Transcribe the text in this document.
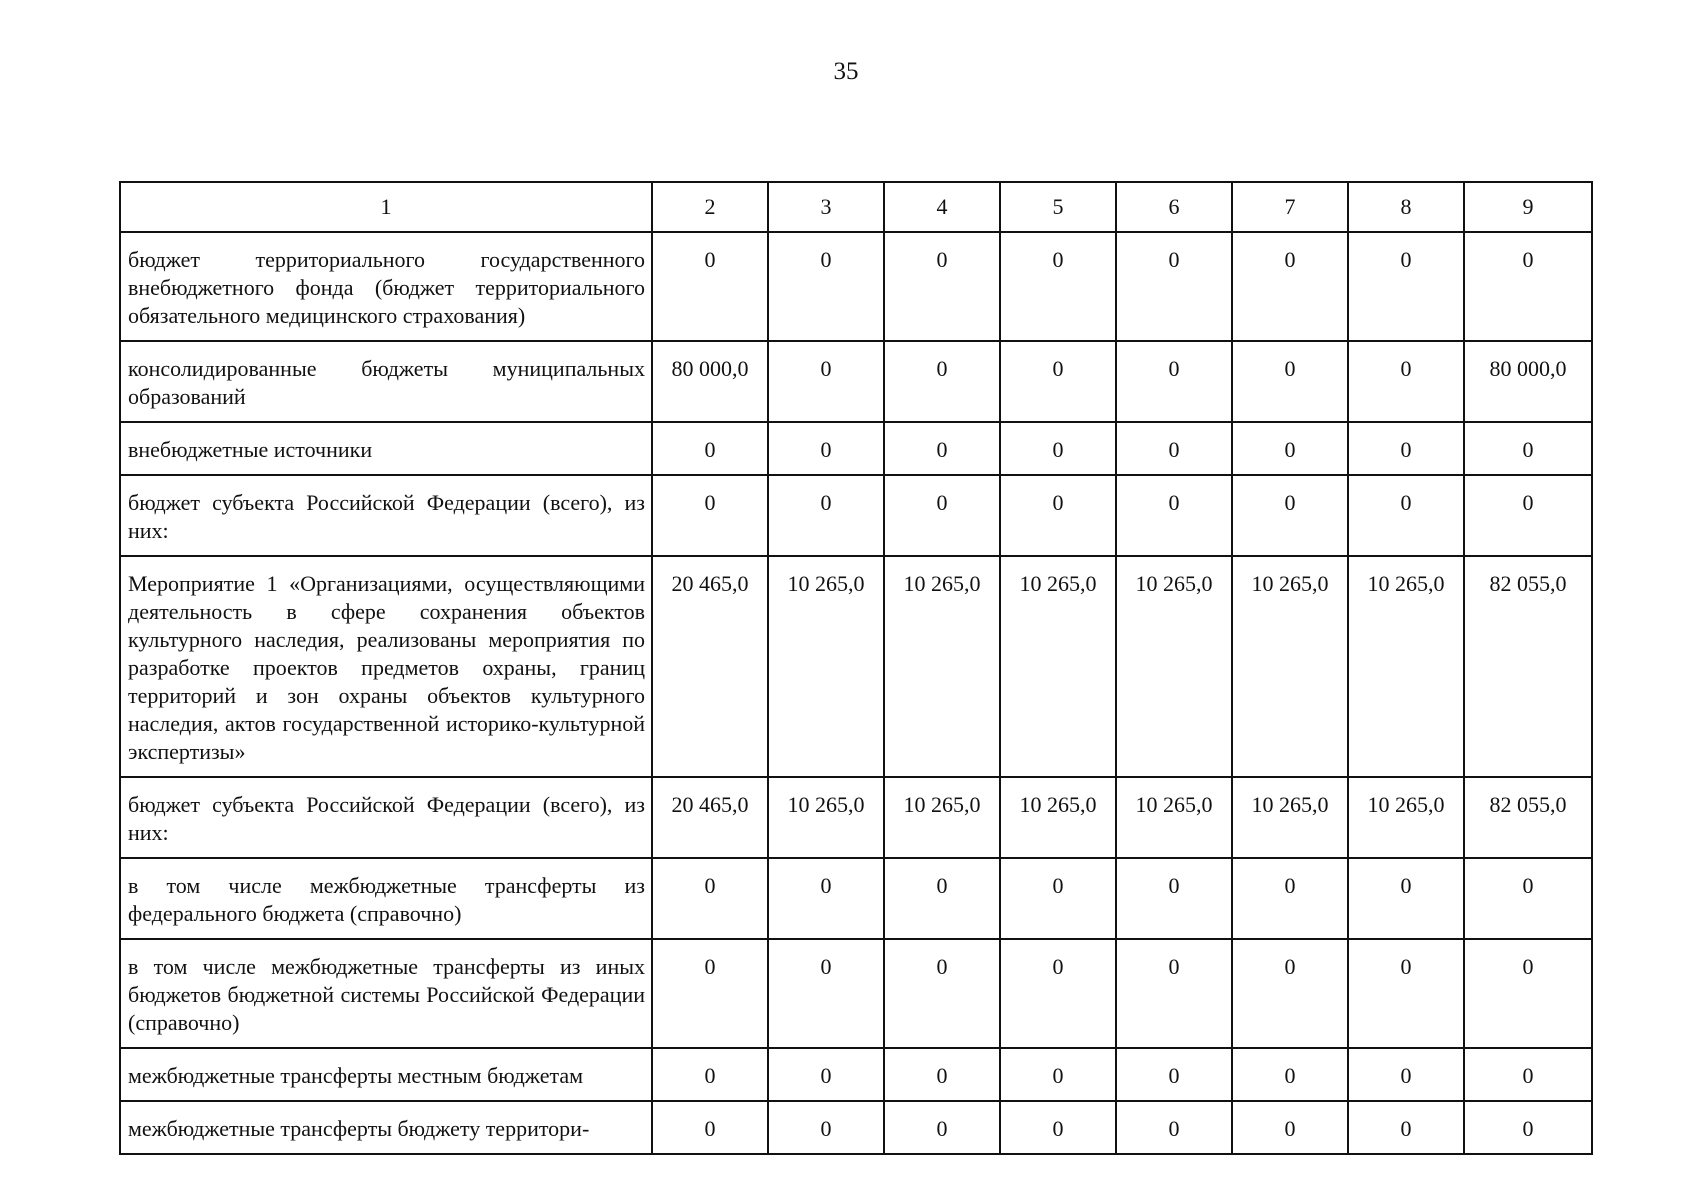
35
1	2	3	4	5	6	7	8	9
бюджет территориального государственного внебюджетного фонда (бюджет территориального обязательного медицинского страхования)	0	0	0	0	0	0	0	0
консолидированные бюджеты муниципальных образований	80 000,0	0	0	0	0	0	0	80 000,0
внебюджетные источники	0	0	0	0	0	0	0	0
бюджет субъекта Российской Федерации (всего), из них:	0	0	0	0	0	0	0	0
Мероприятие 1 «Организациями, осуществляющими деятельность в сфере сохранения объектов культурного наследия, реализованы мероприятия по разработке проектов предметов охраны, границ территорий и зон охраны объектов культурного наследия, актов государственной историко-культурной экспертизы»	20 465,0	10 265,0	10 265,0	10 265,0	10 265,0	10 265,0	10 265,0	82 055,0
бюджет субъекта Российской Федерации (всего), из них:	20 465,0	10 265,0	10 265,0	10 265,0	10 265,0	10 265,0	10 265,0	82 055,0
в том числе межбюджетные трансферты из федерального бюджета (справочно)	0	0	0	0	0	0	0	0
в том числе межбюджетные трансферты из иных бюджетов бюджетной системы Российской Федерации (справочно)	0	0	0	0	0	0	0	0
межбюджетные трансферты местным бюджетам	0	0	0	0	0	0	0	0
межбюджетные трансферты бюджету территори-	0	0	0	0	0	0	0	0
